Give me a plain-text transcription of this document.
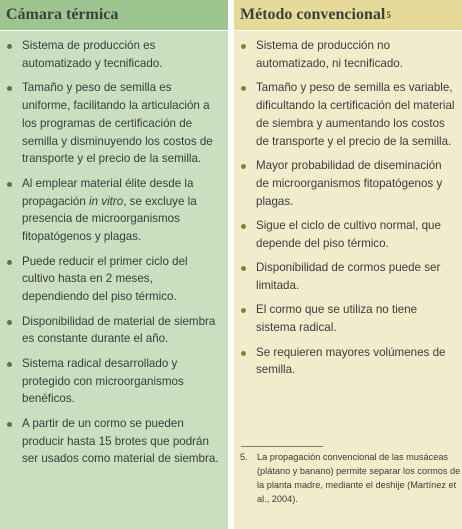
Cámara térmica
Sistema de producción es automatizado y tecnificado.
Tamaño y peso de semilla es uniforme, facilitando la articulación a los programas de certificación de semilla y disminuyendo los costos de transporte y el precio de la semilla.
Al emplear material élite desde la propagación in vitro, se excluye la presencia de microorganismos fitopatógenos y plagas.
Puede reducir el primer ciclo del cultivo hasta en 2 meses, dependiendo del piso térmico.
Disponibilidad de material de siembra es constante durante el año.
Sistema radical desarrollado y protegido con microorganismos benéficos.
A partir de un cormo se pueden producir hasta 15 brotes que podrán ser usados como material de siembra.
Método convencional 5
Sistema de producción no automatizado, ni tecnificado.
Tamaño y peso de semilla es variable, dificultando la certificación del material de siembra y aumentando los costos de transporte y el precio de la semilla.
Mayor probabilidad de diseminación de microorganismos fitopatógenos y plagas.
Sigue el ciclo de cultivo normal, que depende del piso térmico.
Disponibilidad de cormos puede ser limitada.
El cormo que se utiliza no tiene sistema radical.
Se requieren mayores volúmenes de semilla.
5.	La propagación convencional de las musáceas (plátano y banano) permite separar los cormos de la planta madre, mediante el deshije (Martínez et al., 2004).
